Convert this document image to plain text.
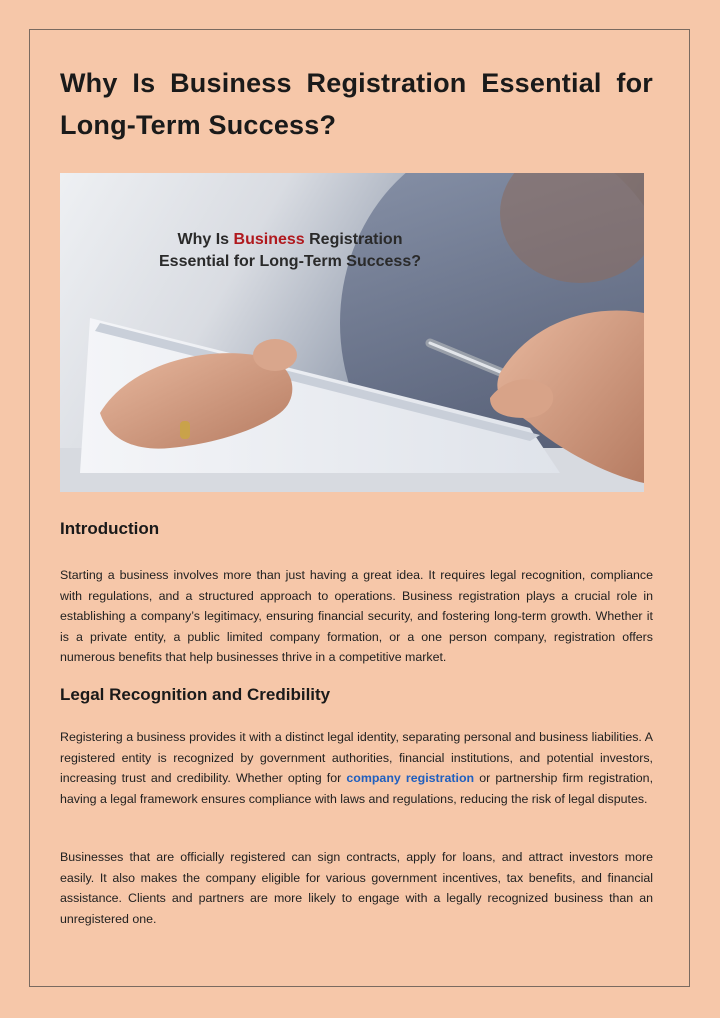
Why Is Business Registration Essential for Long-Term Success?
Why Is Business Registration
Essential for Long-Term Success?
Introduction

Starting a business involves more than just having a great idea. It requires legal recognition, compliance with regulations, and a structured approach to operations. Business registration plays a crucial role in establishing a company’s legitimacy, ensuring financial security, and fostering long-term growth. Whether it is a private entity, a public limited company formation, or a one person company, registration offers numerous benefits that help businesses thrive in a competitive market.

Legal Recognition and Credibility

Registering a business provides it with a distinct legal identity, separating personal and business liabilities. A registered entity is recognized by government authorities, financial institutions, and potential investors, increasing trust and credibility. Whether opting for company registration or partnership firm registration, having a legal framework ensures compliance with laws and regulations, reducing the risk of legal disputes.

Businesses that are officially registered can sign contracts, apply for loans, and attract investors more easily. It also makes the company eligible for various government incentives, tax benefits, and financial assistance. Clients and partners are more likely to engage with a legally recognized business than an unregistered one.
